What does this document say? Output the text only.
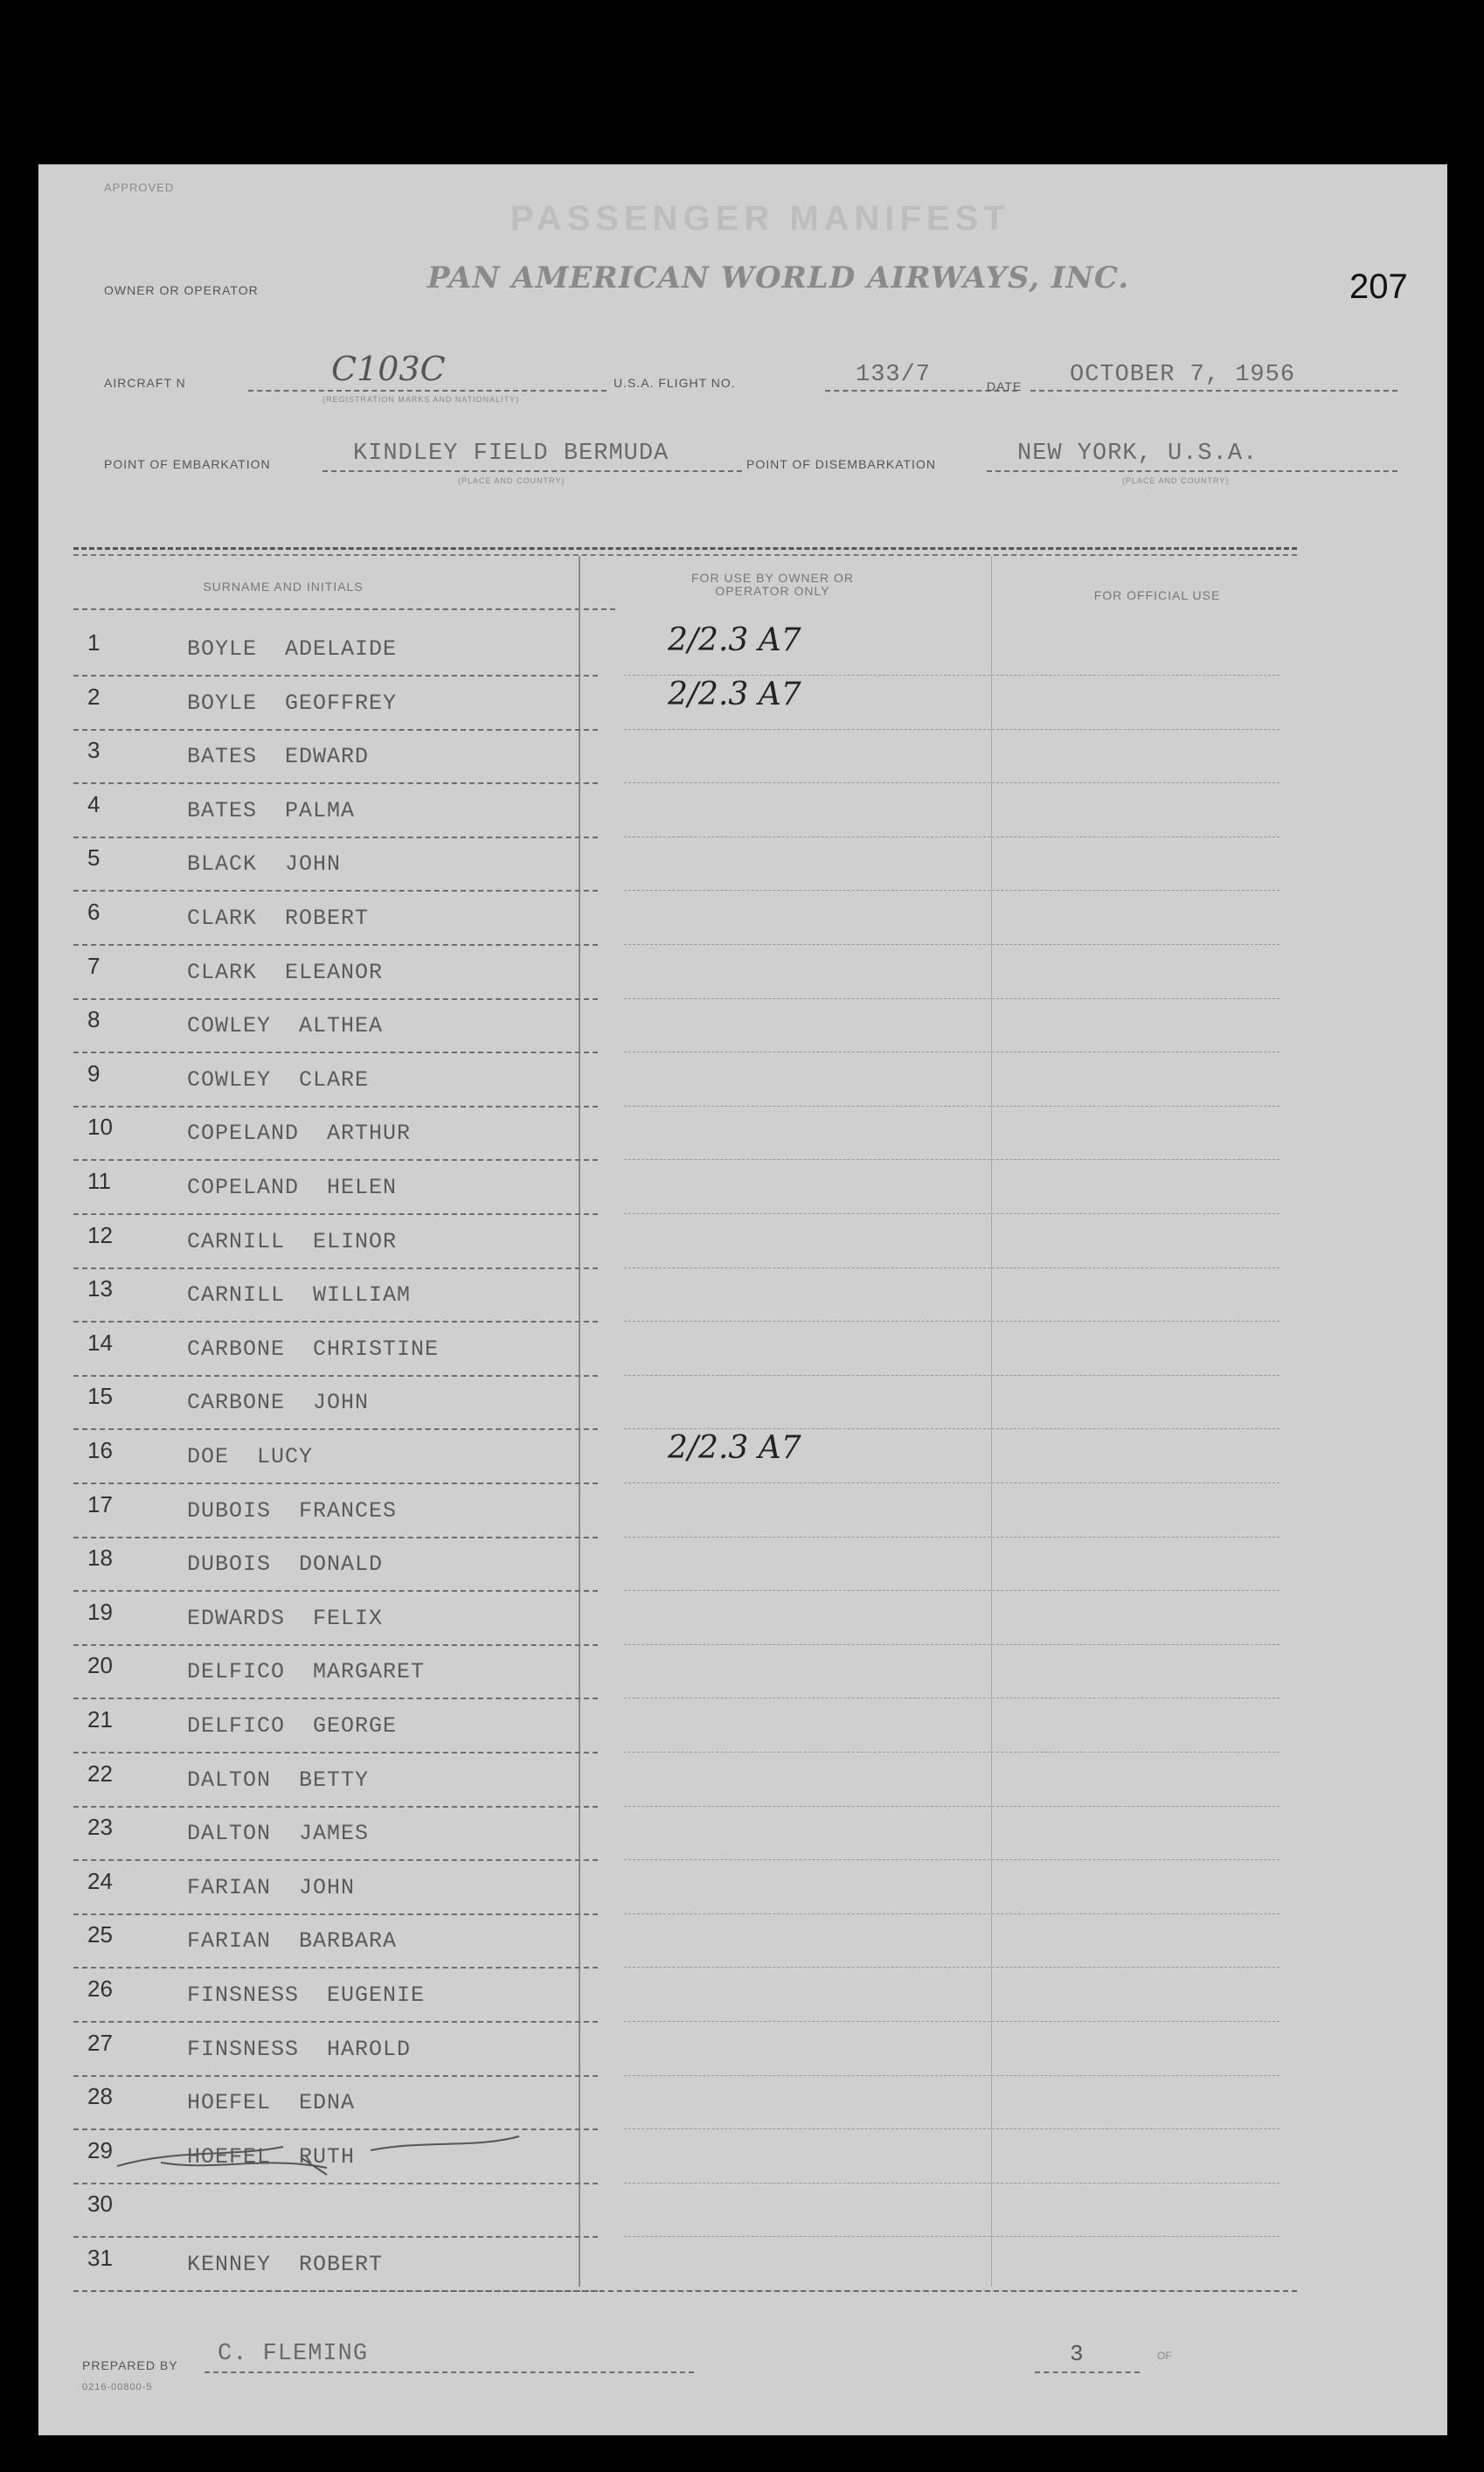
APPROVED
PASSENGER MANIFEST
207
OWNER OR OPERATOR	PAN AMERICAN WORLD AIRWAYS, INC.
AIRCRAFT N	C103C
(REGISTRATION MARKS AND NATIONALITY)
U.S.A. FLIGHT NO.	133/7	DATE OCTOBER 7, 1956
POINT OF EMBARKATION	KINDLEY FIELD BERMUDA
(PLACE AND COUNTRY)
POINT OF DISEMBARKATION	NEW YORK, U.S.A.
(PLACE AND COUNTRY)
SURNAME AND INITIALS
FOR USE BY OWNER OR OPERATOR ONLY	FOR OFFICIAL USE
1	BOYLE  ADELAIDE	2/2.3 A7
2	BOYLE  GEOFFREY	2/2.3 A7
3	BATES  EDWARD
4	BATES  PALMA
5	BLACK  JOHN
6	CLARK  ROBERT
7	CLARK  ELEANOR
8	COWLEY  ALTHEA
9	COWLEY  CLARE
10	COPELAND  ARTHUR
11	COPELAND  HELEN
12	CARNILL  ELINOR
13	CARNILL  WILLIAM
14	CARBONE  CHRISTINE
15	CARBONE  JOHN
16	DOE  LUCY	2/2.3 A7
17	DUBOIS  FRANCES
18	DUBOIS  DONALD
19	EDWARDS  FELIX
20	DELFICO  MARGARET
21	DELFICO  GEORGE
22	DALTON  BETTY
23	DALTON  JAMES
24	FARIAN  JOHN
25	FARIAN  BARBARA
26	FINSNESS  EUGENIE
27	FINSNESS  HAROLD
28	HOEFEL  EDNA
29	HOEFEL  RUTH
30
31	KENNEY  ROBERT
PREPARED BY C. FLEMING
0216-00800-5
3	OF
